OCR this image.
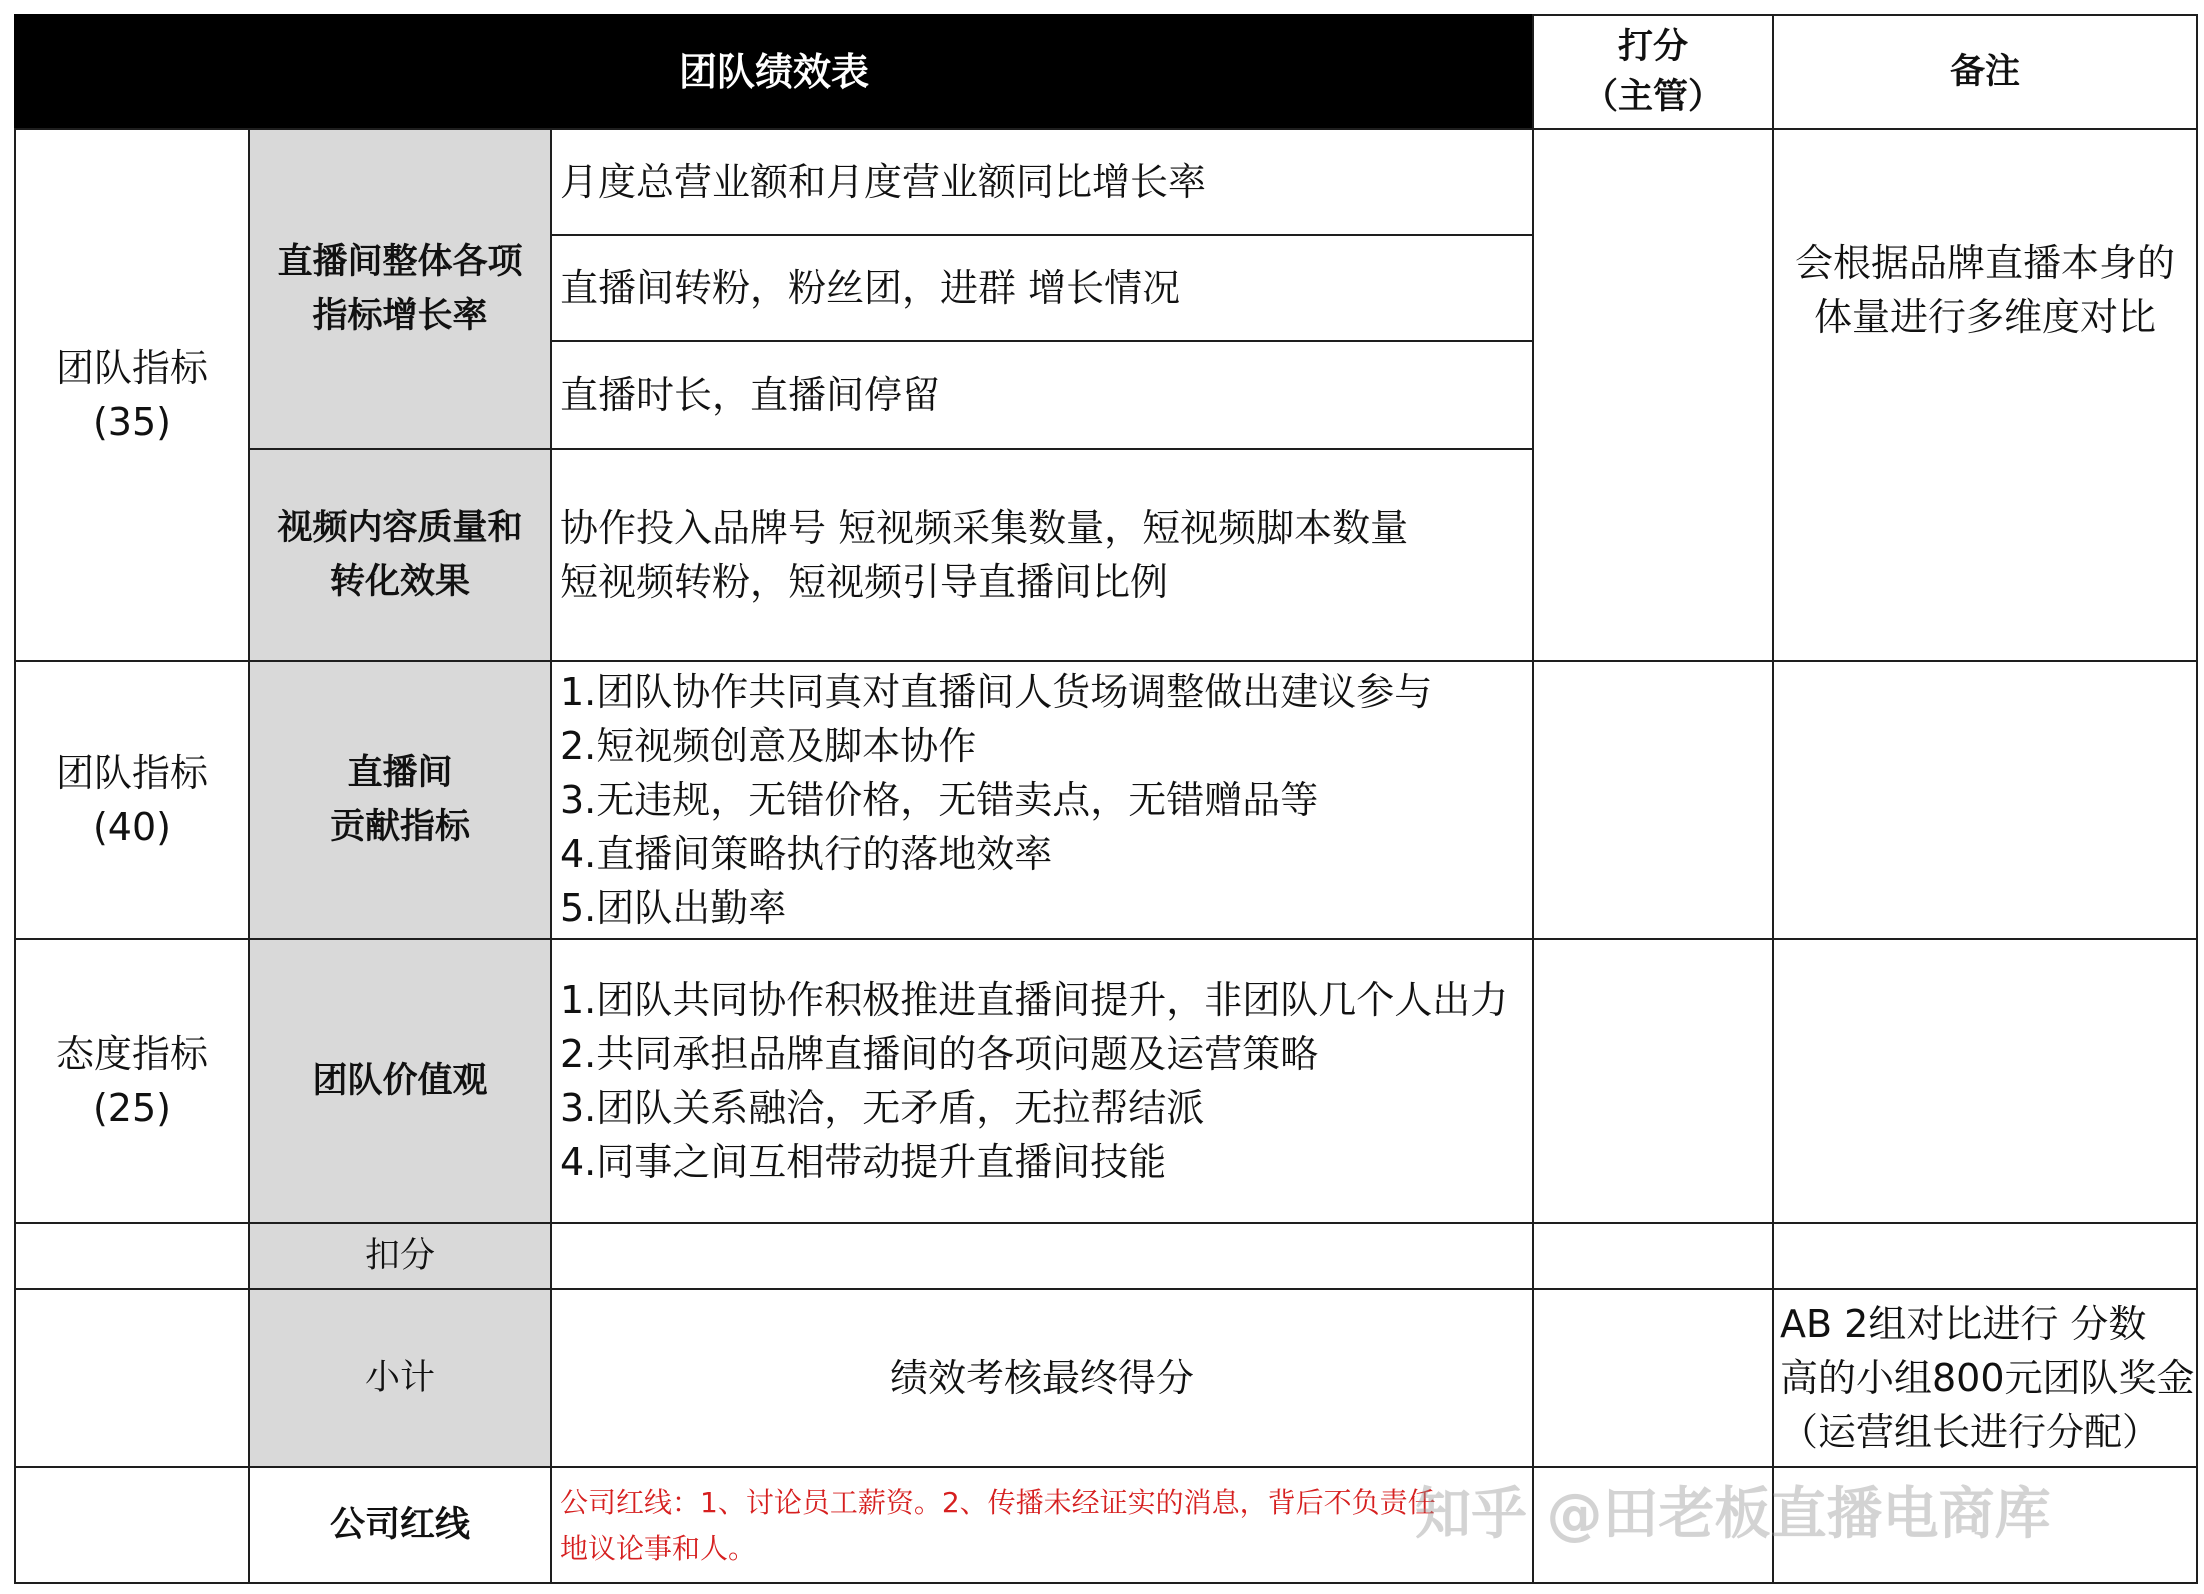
团队绩效表
打分
（主管）
备注
团队指标
(35)
直播间整体各项
指标增长率
月度总营业额和月度营业额同比增长率
直播间转粉，粉丝团，进群 增长情况
直播时长，直播间停留
视频内容质量和
转化效果
协作投入品牌号 短视频采集数量，短视频脚本数量
短视频转粉，短视频引导直播间比例
会根据品牌直播本身的
体量进行多维度对比
团队指标
(40)
直播间
贡献指标
1.团队协作共同真对直播间人货场调整做出建议参与
2.短视频创意及脚本协作
3.无违规，无错价格，无错卖点，无错赠品等
4.直播间策略执行的落地效率
5.团队出勤率
态度指标
(25)
团队价值观
1.团队共同协作积极推进直播间提升，非团队几个人出力
2.共同承担品牌直播间的各项问题及运营策略
3.团队关系融洽，无矛盾，无拉帮结派
4.同事之间互相带动提升直播间技能
扣分
小计	绩效考核最终得分
AB 2组对比进行 分数
高的小组800元团队奖金
（运营组长进行分配）
公司红线
公司红线：1、讨论员工薪资。2、传播未经证实的消息，背后不负责任
地议论事和人。
知乎 @田老板直播电商库
